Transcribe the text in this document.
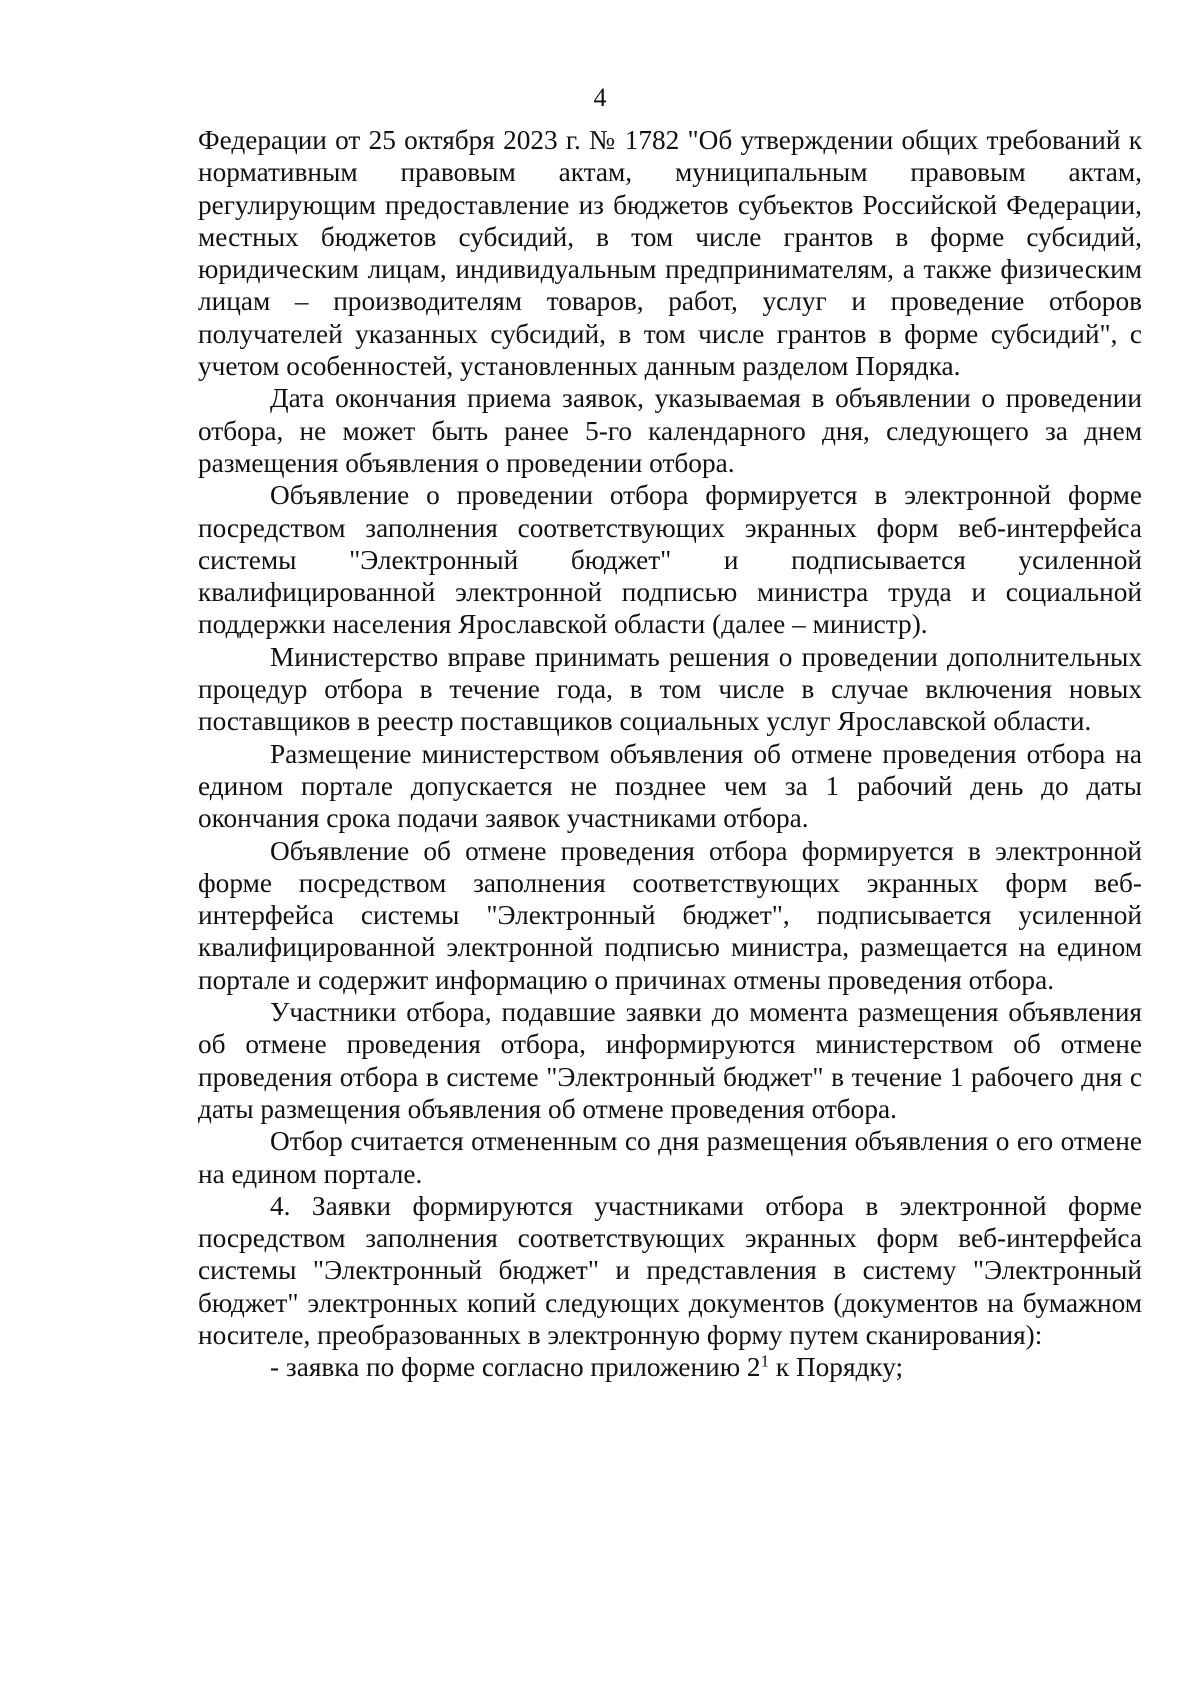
4

Федерации от 25 октября 2023 г. № 1782 "Об утверждении общих требований к нормативным правовым актам, муниципальным правовым актам, регулирующим предоставление из бюджетов субъектов Российской Федерации, местных бюджетов субсидий, в том числе грантов в форме субсидий, юридическим лицам, индивидуальным предпринимателям, а также физическим лицам – производителям товаров, работ, услуг и проведение отборов получателей указанных субсидий, в том числе грантов в форме субсидий", с учетом особенностей, установленных данным разделом Порядка.

Дата окончания приема заявок, указываемая в объявлении о проведении отбора, не может быть ранее 5-го календарного дня, следующего за днем размещения объявления о проведении отбора.

Объявление о проведении отбора формируется в электронной форме посредством заполнения соответствующих экранных форм веб-интерфейса системы "Электронный бюджет" и подписывается усиленной квалифицированной электронной подписью министра труда и социальной поддержки населения Ярославской области (далее – министр).

Министерство вправе принимать решения о проведении дополнительных процедур отбора в течение года, в том числе в случае включения новых поставщиков в реестр поставщиков социальных услуг Ярославской области.

Размещение министерством объявления об отмене проведения отбора на едином портале допускается не позднее чем за 1 рабочий день до даты окончания срока подачи заявок участниками отбора.

Объявление об отмене проведения отбора формируется в электронной форме посредством заполнения соответствующих экранных форм веб-интерфейса системы "Электронный бюджет", подписывается усиленной квалифицированной электронной подписью министра, размещается на едином портале и содержит информацию о причинах отмены проведения отбора.

Участники отбора, подавшие заявки до момента размещения объявления об отмене проведения отбора, информируются министерством об отмене проведения отбора в системе "Электронный бюджет" в течение 1 рабочего дня с даты размещения объявления об отмене проведения отбора.

Отбор считается отмененным со дня размещения объявления о его отмене на едином портале.

4. Заявки формируются участниками отбора в электронной форме посредством заполнения соответствующих экранных форм веб-интерфейса системы "Электронный бюджет" и представления в систему "Электронный бюджет" электронных копий следующих документов (документов на бумажном носителе, преобразованных в электронную форму путем сканирования):

- заявка по форме согласно приложению $2^1$ к Порядку;
